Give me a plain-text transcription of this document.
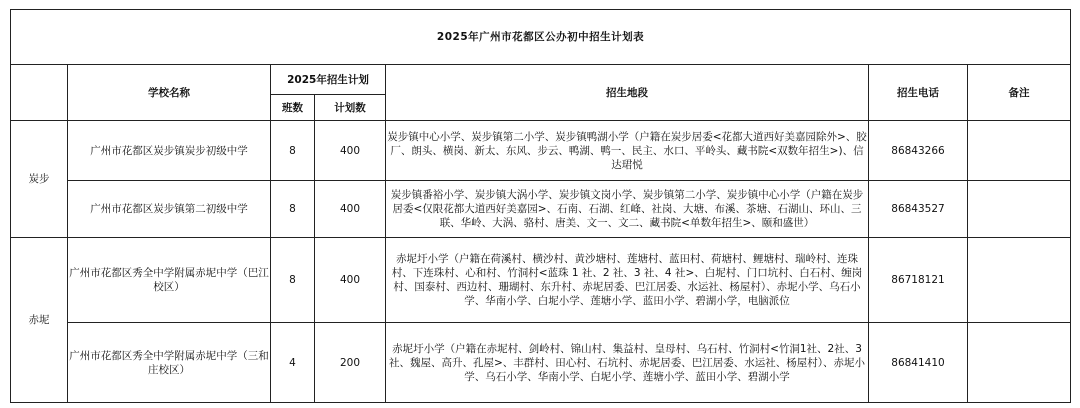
2025年广州市花都区公办初中招生计划表						
	学校名称	2025年招生计划		招生地段	招生电话	备注
		班数	计划数			
炭步	广州市花都区炭步镇炭步初级中学	8	400	炭步镇中心小学、炭步镇第二小学、炭步镇鸭湖小学（户籍在炭步居委<花都大道西好美嘉园除外>、胶厂、朗头、横岗、新太、东风、步云、鸭湖、鸭一、民主、水口、平岭头、藏书院<双数年招生>)、信达珺悦	86843266	
	广州市花都区炭步镇第二初级中学	8	400	炭步镇番裕小学、炭步镇大涡小学、炭步镇文岗小学、炭步镇第二小学、炭步镇中心小学（户籍在炭步居委<仅限花都大道西好美嘉园>、石南、石湖、红峰、社岗、大塘、布溪、茶塘、石湖山、环山、三联、华岭、大涡、骆村、唐美、文一、文二、藏书院<单数年招生>、颐和盛世）	86843527	
赤坭	广州市花都区秀全中学附属赤坭中学（巴江校区）	8	400	赤坭圩小学（户籍在荷溪村、横沙村、黄沙塘村、莲塘村、蓝田村、荷塘村、鲤塘村、瑞岭村、连珠村、下连珠村、心和村、竹洞村<蓝珠 1 社、2 社、3 社、4 社>、白坭村、门口坑村、白石村、缠岗村、国泰村、西边村、珊瑚村、东升村、赤坭居委、巴江居委、水运社、杨屋村）、赤坭小学、乌石小学、华南小学、白坭小学、莲塘小学、蓝田小学、碧湖小学，电脑派位	86718121	
	广州市花都区秀全中学附属赤坭中学（三和庄校区）	4	200	赤坭圩小学（户籍在赤坭村、剑岭村、锦山村、集益村、皇母村、乌石村、竹洞村<竹洞1社、2社、3社、魏屋、高升、孔屋>、丰群村、田心村、石坑村、赤坭居委、巴江居委、水运社、杨屋村）、赤坭小学、乌石小学、华南小学、白坭小学、莲塘小学、蓝田小学、碧湖小学	86841410	
